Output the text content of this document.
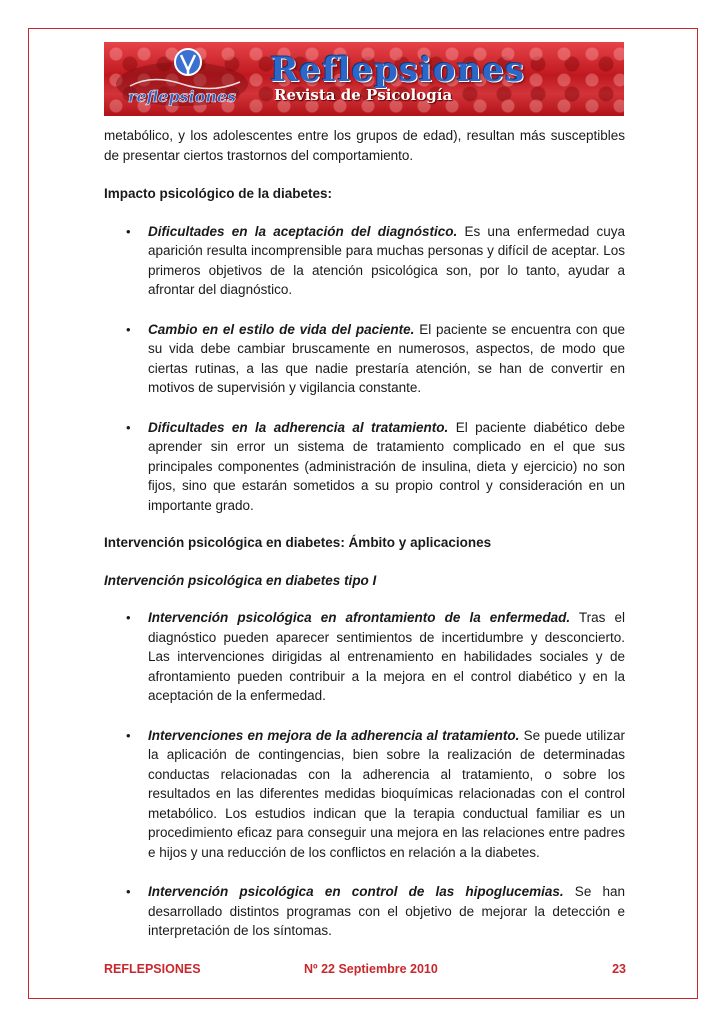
reflepsiones
Reflepsiones
Revista de Psicología

metabólico, y los adolescentes entre los grupos de edad), resultan más susceptibles de presentar ciertos trastornos del comportamiento.

Impacto psicológico de la diabetes:

• Dificultades en la aceptación del diagnóstico. Es una enfermedad cuya aparición resulta incomprensible para muchas personas y difícil de aceptar. Los primeros objetivos de la atención psicológica son, por lo tanto, ayudar a afrontar del diagnóstico.

• Cambio en el estilo de vida del paciente. El paciente se encuentra con que su vida debe cambiar bruscamente en numerosos, aspectos, de modo que ciertas rutinas, a las que nadie prestaría atención, se han de convertir en motivos de supervisión y vigilancia constante.

• Dificultades en la adherencia al tratamiento. El paciente diabético debe aprender sin error un sistema de tratamiento complicado en el que sus principales componentes (administración de insulina, dieta y ejercicio) no son fijos, sino que estarán sometidos a su propio control y consideración en un importante grado.

Intervención psicológica en diabetes: Ámbito y aplicaciones

Intervención psicológica en diabetes tipo I

• Intervención psicológica en afrontamiento de la enfermedad. Tras el diagnóstico pueden aparecer sentimientos de incertidumbre y desconcierto. Las intervenciones dirigidas al entrenamiento en habilidades sociales y de afrontamiento pueden contribuir a la mejora en el control diabético y en la aceptación de la enfermedad.

• Intervenciones en mejora de la adherencia al tratamiento. Se puede utilizar la aplicación de contingencias, bien sobre la realización de determinadas conductas relacionadas con la adherencia al tratamiento, o sobre los resultados en las diferentes medidas bioquímicas relacionadas con el control metabólico. Los estudios indican que la terapia conductual familiar es un procedimiento eficaz para conseguir una mejora en las relaciones entre padres e hijos y una reducción de los conflictos en relación a la diabetes.

• Intervención psicológica en control de las hipoglucemias. Se han desarrollado distintos programas con el objetivo de mejorar la detección e interpretación de los síntomas.

REFLEPSIONES	Nº 22 Septiembre 2010	23
